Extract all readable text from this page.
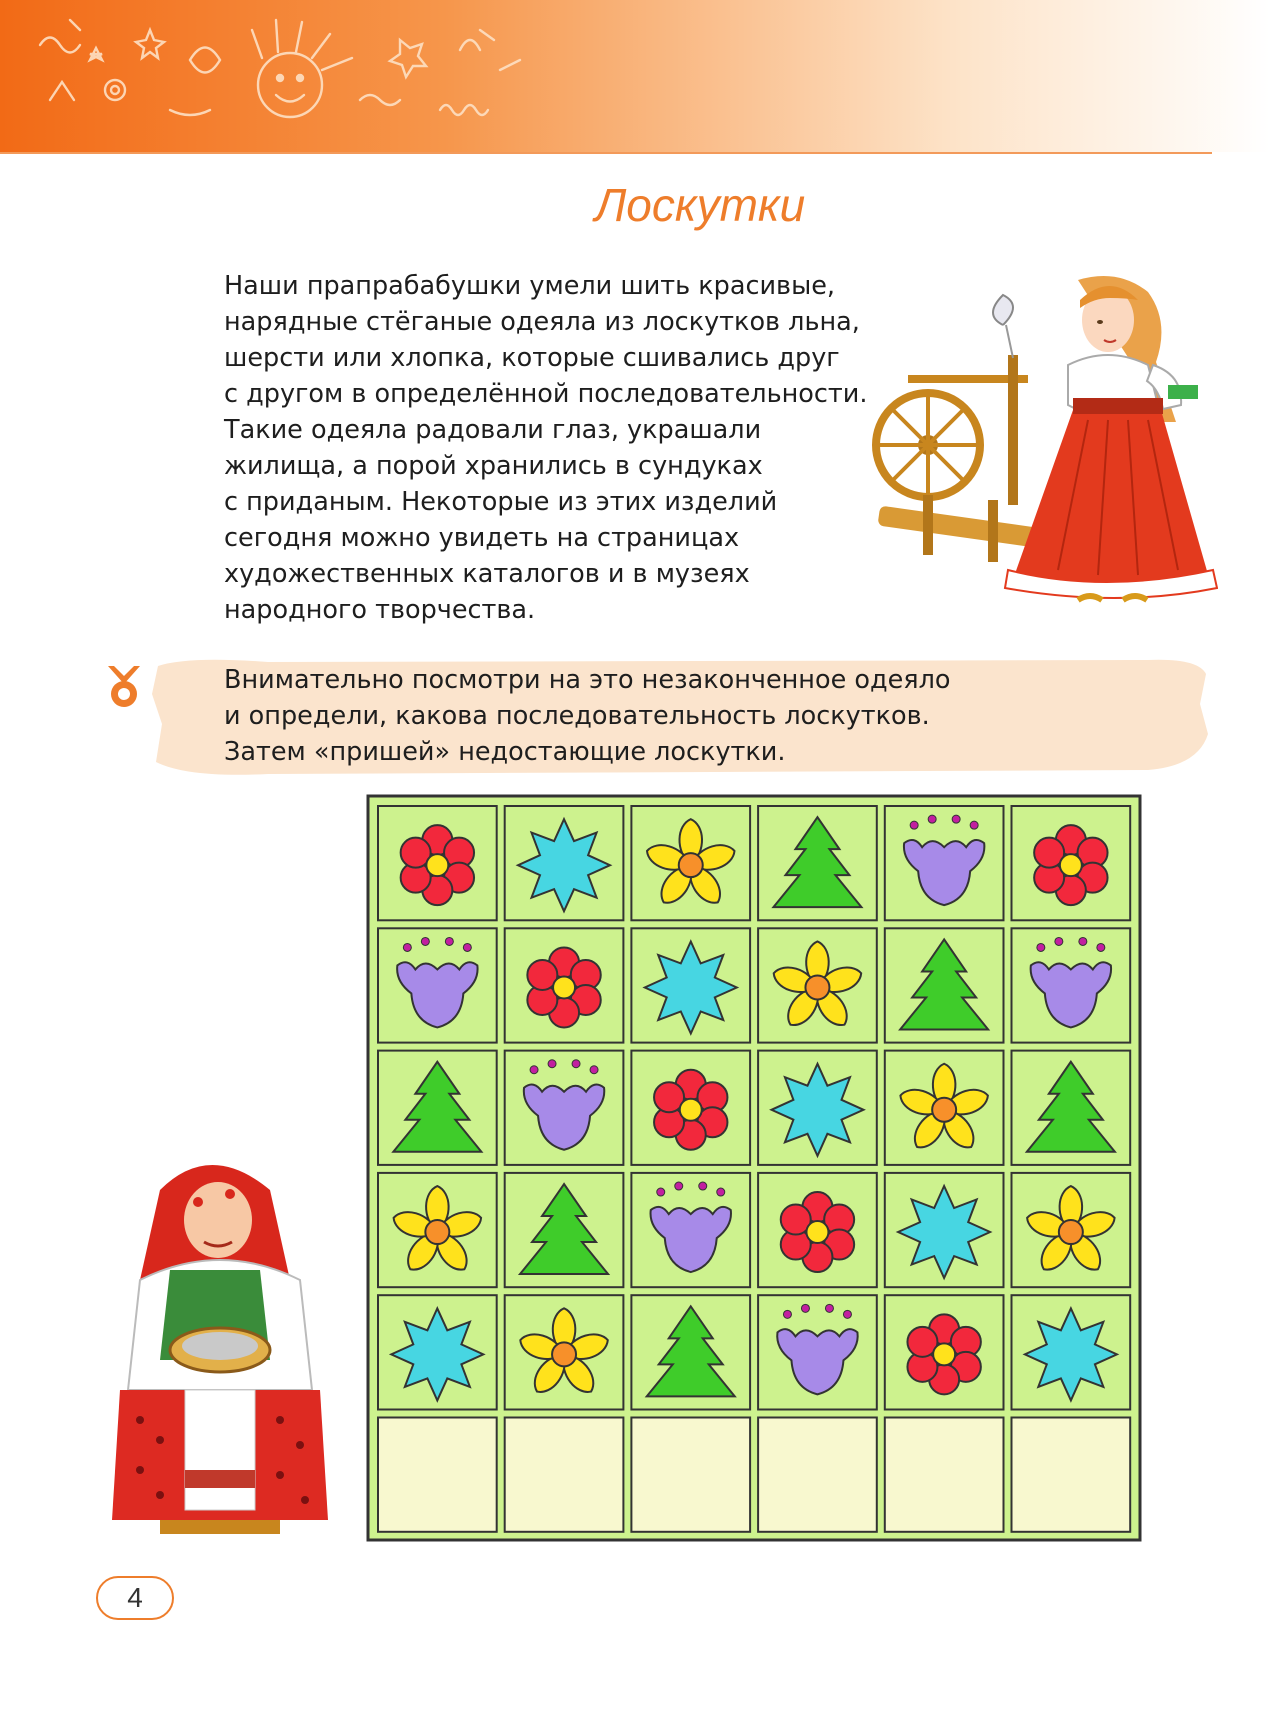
Лоскутки
Наши прапрабабушки умели шить красивые,
нарядные стёганые одеяла из лоскутков льна,
шерсти или хлопка, которые сшивались друг
с другом в определённой последовательности.
Такие одеяла радовали глаз, украшали
жилища, а порой хранились в сундуках
с приданым. Некоторые из этих изделий
сегодня можно увидеть на страницах
художественных каталогов и в музеях
народного творчества.
Внимательно посмотри на это незаконченное одеяло
и определи, какова последовательность лоскутков.
Затем «пришей» недостающие лоскутки.
4
